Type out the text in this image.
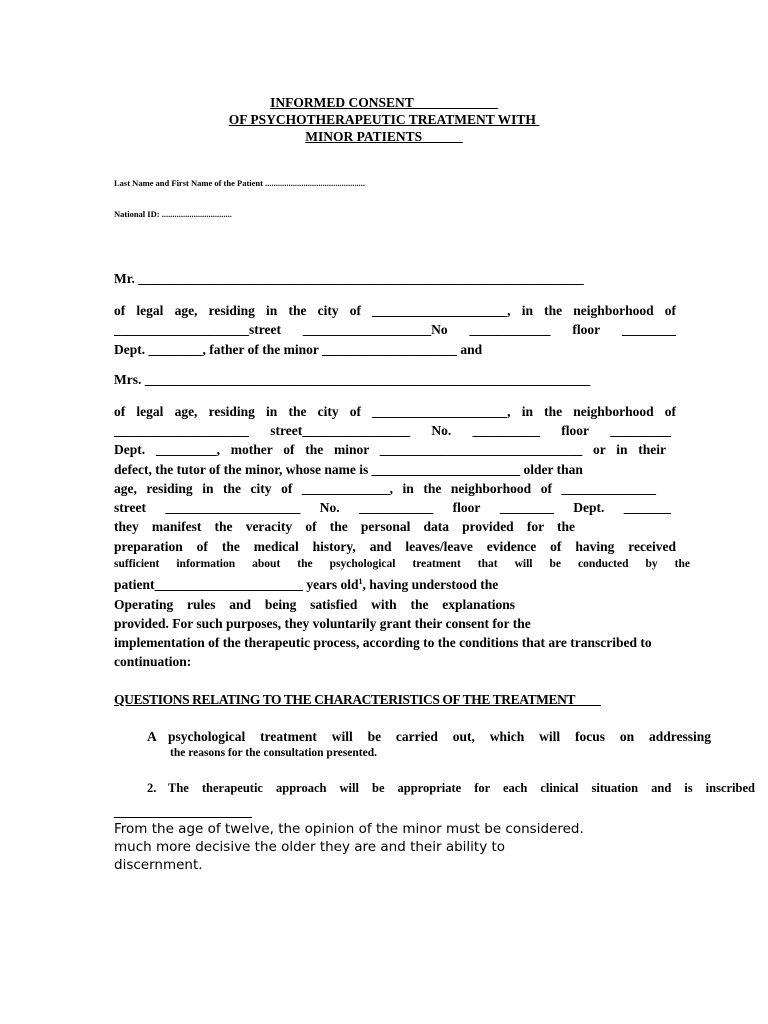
INFORMED CONSENT ____________
OF PSYCHOTHERAPEUTIC TREATMENT WITH
MINOR PATIENTS______
Last Name and First Name of the Patient ...............................................
National ID: .................................
Mr. __________________________________________________________________
of legal age, residing in the city of ____________________, in the neighborhood of
____________________street ___________________No ____________ floor ________
Dept. ________, father of the minor ____________________ and
Mrs. __________________________________________________________________
of legal age, residing in the city of ____________________, in the neighborhood of
____________________ street________________ No. __________ floor _________
Dept. _________, mother of the minor ______________________________ or in their
defect, the tutor of the minor, whose name is ______________________ older than
age, residing in the city of _____________, in the neighborhood of ______________
street ____________________ No. ___________ floor ________ Dept. _______
they manifest the veracity of the personal data provided for the
preparation of the medical history, and leaves/leave evidence of having received
sufficient information about the psychological treatment that will be conducted by the
patient______________________ years old$^1$, having understood the
Operating rules and being satisfied with the explanations
provided. For such purposes, they voluntarily grant their consent for the
implementation of the therapeutic process, according to the conditions that are transcribed to
continuation:
QUESTIONS RELATING TO THE CHARACTERISTICS OF THE TREATMENT____
A psychological treatment will be carried out, which will focus on addressing
the reasons for the consultation presented.
2. The therapeutic approach will be appropriate for each clinical situation and is inscribed
From the age of twelve, the opinion of the minor must be considered.
much more decisive the older they are and their ability to
discernment.
